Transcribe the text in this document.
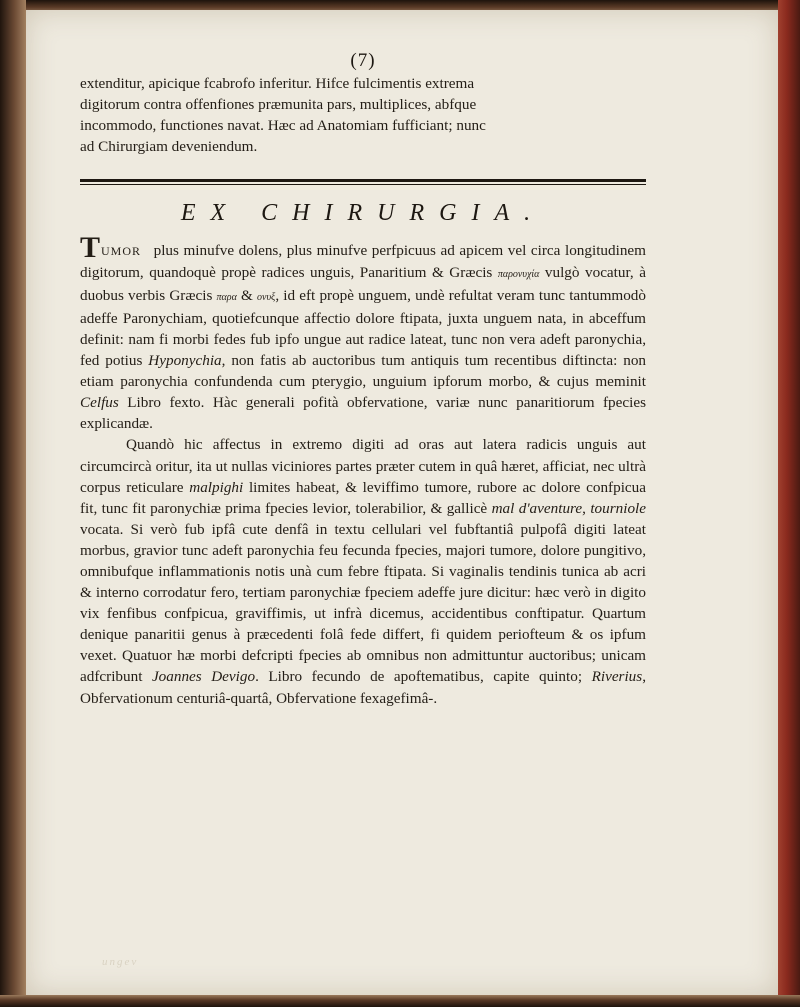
(7)
extenditur, apicique fcabrofo inferitur. Hifce fulcimentis extrema
digitorum contra offenfiones præmunita pars, multiplices, abfque
incommodo, functiones navat. Hæc ad Anatomiam fufficiant; nunc
ad Chirurgiam deveniendum.
EX CHIRURGIA.

TUMOR plus minufve dolens, plus minufve perfpicuus ad apicem vel circa longitudinem digitorum, quandoquè propè radices unguis, Panaritium & Græcis παρονυχία vulgò vocatur, à duobus verbis Græcis παρα & ονυξ, id eft propè unguem, undè refultat veram tunc tantummodò adeffe Paronychiam, quotiefcunque affectio dolore ftipata, juxta unguem nata, in abceffum definit: nam fi morbi fedes fub ipfo ungue aut radice lateat, tunc non vera adeft paronychia, fed potius Hyponychia, non fatis ab auctoribus tum antiquis tum recentibus diftincta: non etiam paronychia confundenda cum pterygio, unguium ipforum morbo, & cujus meminit Celfus Libro fexto. Hàc generali pofità obfervatione, variæ nunc panaritiorum fpecies explicandæ.

Quandò hic affectus in extremo digiti ad oras aut latera radicis unguis aut circumcircà oritur, ita ut nullas viciniores partes præter cutem in quâ hæret, afficiat, nec ultrà corpus reticulare malpighi limites habeat, & leviffimo tumore, rubore ac dolore confpicua fit, tunc fit paronychiæ prima fpecies levior, tolerabilior, & gallicè mal d'aventure, tourniole vocata. Si verò fub ipfâ cute denfâ in textu cellulari vel fubftantiâ pulpofâ digiti lateat morbus, gravior tunc adeft paronychia feu fecunda fpecies, majori tumore, dolore pungitivo, omnibufque inflammationis notis unà cum febre ftipata. Si vaginalis tendinis tunica ab acri & interno corrodatur fero, tertiam paronychiæ fpeciem adeffe jure dicitur: hæc verò in digito vix fenfibus confpicua, graviffimis, ut infrà dicemus, accidentibus conftipatur. Quartum denique panaritii genus à præcedenti folâ fede differt, fi quidem periofteum & os ipfum vexet. Quatuor hæ morbi defcripti fpecies ab omnibus non admittuntur auctoribus; unicam adfcribunt Joannes Devigo. Libro fecundo de apoftematibus, capite quinto; Riverius, Obfervationum centuriâ-quartâ, Obfervatione fexagefimâ-.

ungev
